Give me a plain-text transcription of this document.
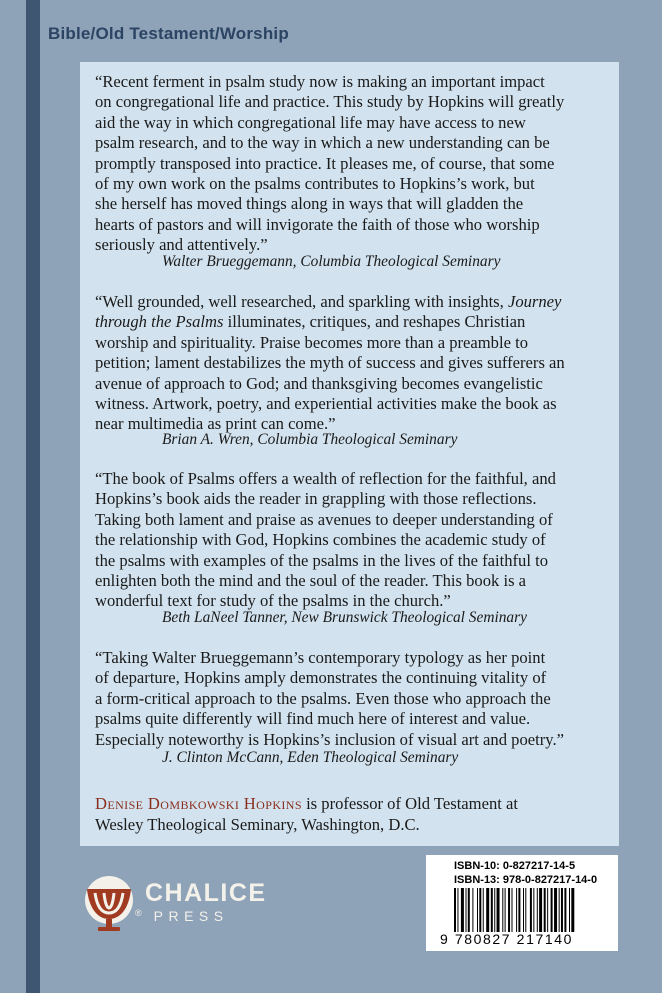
Bible/Old Testament/Worship
“Recent ferment in psalm study now is making an important impact
on congregational life and practice. This study by Hopkins will greatly
aid the way in which congregational life may have access to new
psalm research, and to the way in which a new understanding can be
promptly transposed into practice. It pleases me, of course, that some
of my own work on the psalms contributes to Hopkins’s work, but
she herself has moved things along in ways that will gladden the
hearts of pastors and will invigorate the faith of those who worship
seriously and attentively.”
Walter Brueggemann, Columbia Theological Seminary
“Well grounded, well researched, and sparkling with insights, Journey
through the Psalms illuminates, critiques, and reshapes Christian
worship and spirituality. Praise becomes more than a preamble to
petition; lament destabilizes the myth of success and gives sufferers an
avenue of approach to God; and thanksgiving becomes evangelistic
witness. Artwork, poetry, and experiential activities make the book as
near multimedia as print can come.”
Brian A. Wren, Columbia Theological Seminary
“The book of Psalms offers a wealth of reflection for the faithful, and
Hopkins’s book aids the reader in grappling with those reflections.
Taking both lament and praise as avenues to deeper understanding of
the relationship with God, Hopkins combines the academic study of
the psalms with examples of the psalms in the lives of the faithful to
enlighten both the mind and the soul of the reader. This book is a
wonderful text for study of the psalms in the church.”
Beth LaNeel Tanner, New Brunswick Theological Seminary
“Taking Walter Brueggemann’s contemporary typology as her point
of departure, Hopkins amply demonstrates the continuing vitality of
a form-critical approach to the psalms. Even those who approach the
psalms quite differently will find much here of interest and value.
Especially noteworthy is Hopkins’s inclusion of visual art and poetry.”
J. Clinton McCann, Eden Theological Seminary
Denise Dombkowski Hopkins is professor of Old Testament at
Wesley Theological Seminary, Washington, D.C.
CHALICE
® PRESS
ISBN-10: 0-827217-14-5
ISBN-13: 978-0-827217-14-0
9 780827 217140
